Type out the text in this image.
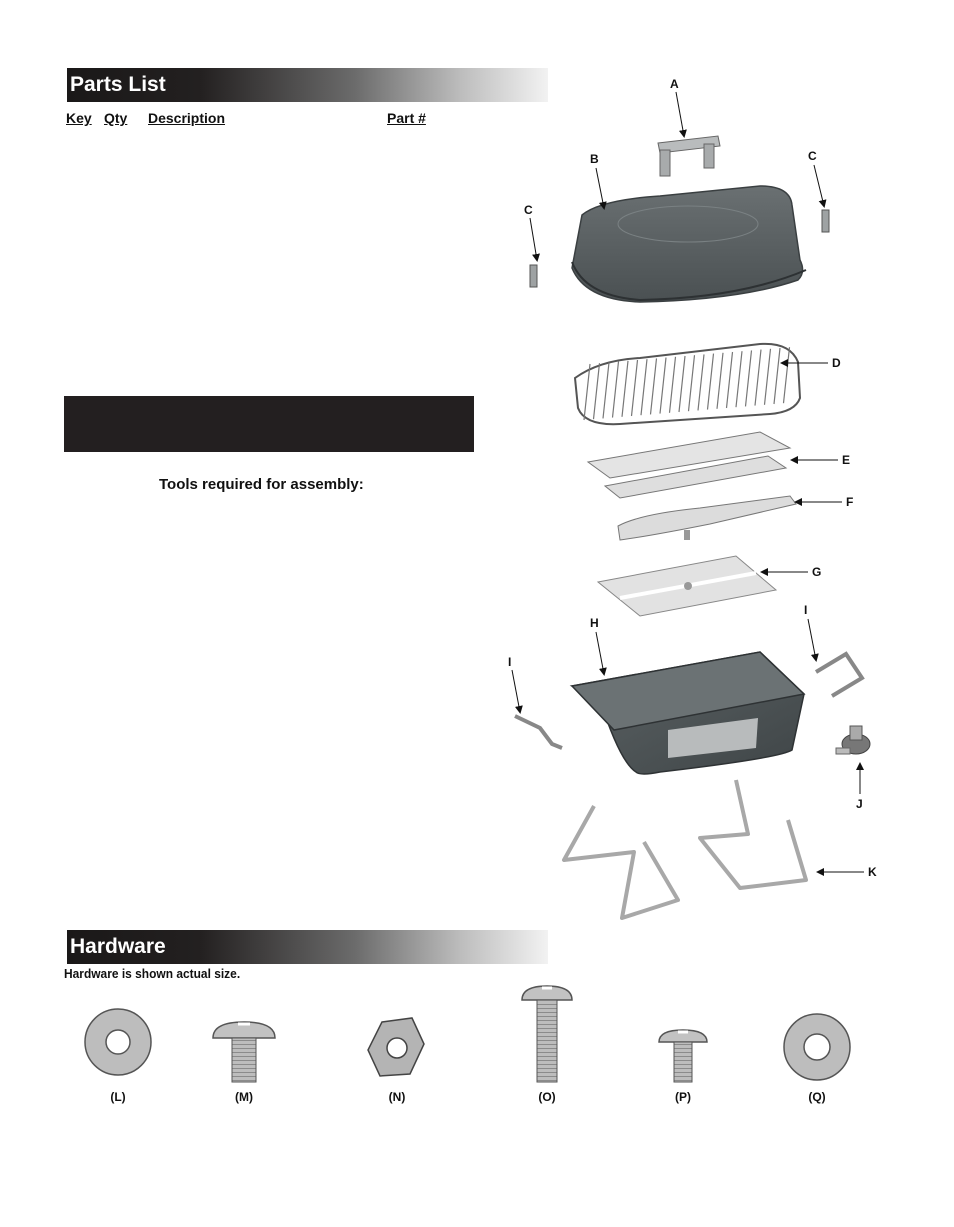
Parts List
Key Qty Description	Part #
Tools required for assembly:
A
B
C
C
D
E
F
G
H
I
I
J
K
Hardware
Hardware is shown actual size.
(L)	(M)	(N)	(O)	(P)	(Q)
